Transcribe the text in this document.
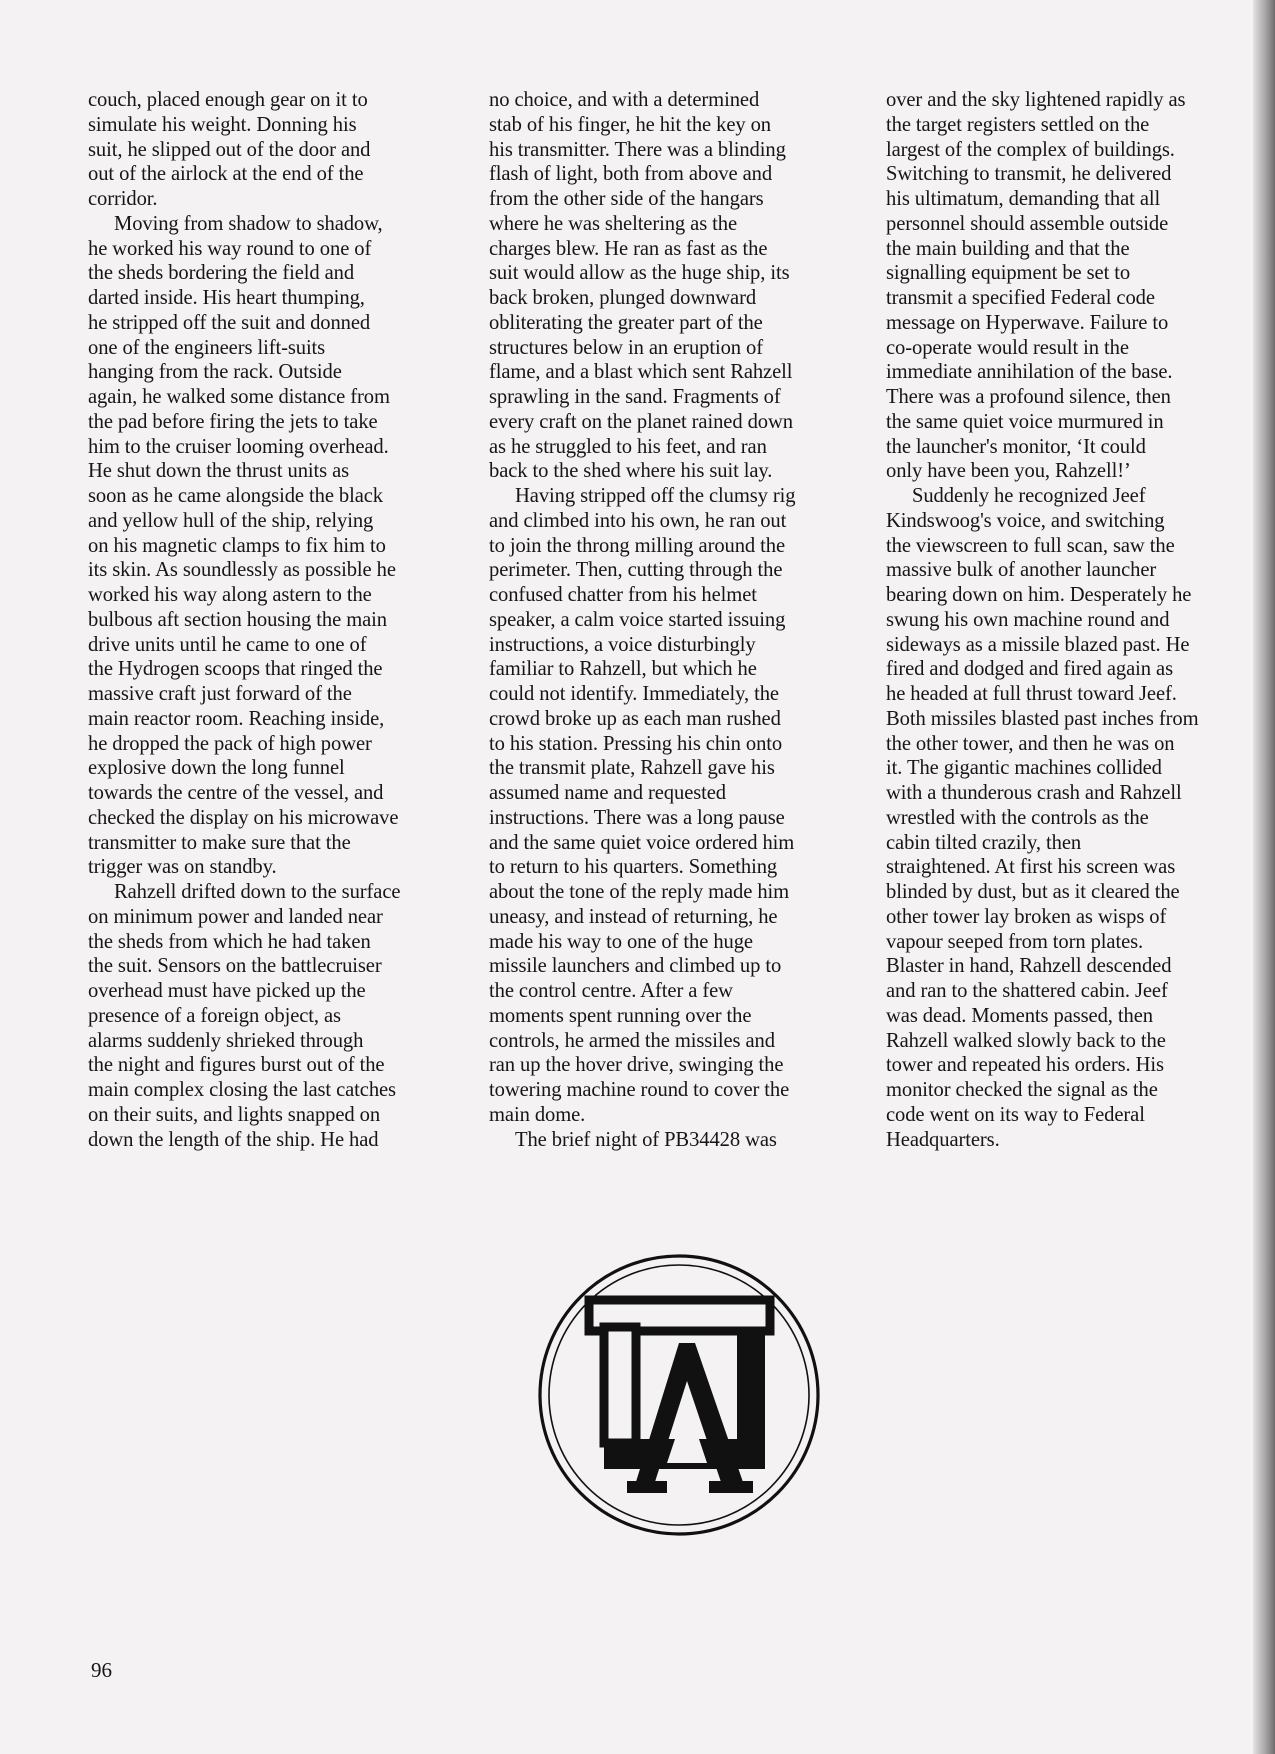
couch, placed enough gear on it to
simulate his weight. Donning his
suit, he slipped out of the door and
out of the airlock at the end of the
corridor.

Moving from shadow to shadow,
he worked his way round to one of
the sheds bordering the field and
darted inside. His heart thumping,
he stripped off the suit and donned
one of the engineers lift-suits
hanging from the rack. Outside
again, he walked some distance from
the pad before firing the jets to take
him to the cruiser looming overhead.
He shut down the thrust units as
soon as he came alongside the black
and yellow hull of the ship, relying
on his magnetic clamps to fix him to
its skin. As soundlessly as possible he
worked his way along astern to the
bulbous aft section housing the main
drive units until he came to one of
the Hydrogen scoops that ringed the
massive craft just forward of the
main reactor room. Reaching inside,
he dropped the pack of high power
explosive down the long funnel
towards the centre of the vessel, and
checked the display on his microwave
transmitter to make sure that the
trigger was on standby.

Rahzell drifted down to the surface
on minimum power and landed near
the sheds from which he had taken
the suit. Sensors on the battlecruiser
overhead must have picked up the
presence of a foreign object, as
alarms suddenly shrieked through
the night and figures burst out of the
main complex closing the last catches
on their suits, and lights snapped on
down the length of the ship. He had

no choice, and with a determined
stab of his finger, he hit the key on
his transmitter. There was a blinding
flash of light, both from above and
from the other side of the hangars
where he was sheltering as the
charges blew. He ran as fast as the
suit would allow as the huge ship, its
back broken, plunged downward
obliterating the greater part of the
structures below in an eruption of
flame, and a blast which sent Rahzell
sprawling in the sand. Fragments of
every craft on the planet rained down
as he struggled to his feet, and ran
back to the shed where his suit lay.

Having stripped off the clumsy rig
and climbed into his own, he ran out
to join the throng milling around the
perimeter. Then, cutting through the
confused chatter from his helmet
speaker, a calm voice started issuing
instructions, a voice disturbingly
familiar to Rahzell, but which he
could not identify. Immediately, the
crowd broke up as each man rushed
to his station. Pressing his chin onto
the transmit plate, Rahzell gave his
assumed name and requested
instructions. There was a long pause
and the same quiet voice ordered him
to return to his quarters. Something
about the tone of the reply made him
uneasy, and instead of returning, he
made his way to one of the huge
missile launchers and climbed up to
the control centre. After a few
moments spent running over the
controls, he armed the missiles and
ran up the hover drive, swinging the
towering machine round to cover the
main dome.

The brief night of PB34428 was

over and the sky lightened rapidly as
the target registers settled on the
largest of the complex of buildings.
Switching to transmit, he delivered
his ultimatum, demanding that all
personnel should assemble outside
the main building and that the
signalling equipment be set to
transmit a specified Federal code
message on Hyperwave. Failure to
co-operate would result in the
immediate annihilation of the base.
There was a profound silence, then
the same quiet voice murmured in
the launcher's monitor, ‘It could
only have been you, Rahzell!’

Suddenly he recognized Jeef
Kindswoog's voice, and switching
the viewscreen to full scan, saw the
massive bulk of another launcher
bearing down on him. Desperately he
swung his own machine round and
sideways as a missile blazed past. He
fired and dodged and fired again as
he headed at full thrust toward Jeef.
Both missiles blasted past inches from
the other tower, and then he was on
it. The gigantic machines collided
with a thunderous crash and Rahzell
wrestled with the controls as the
cabin tilted crazily, then
straightened. At first his screen was
blinded by dust, but as it cleared the
other tower lay broken as wisps of
vapour seeped from torn plates.
Blaster in hand, Rahzell descended
and ran to the shattered cabin. Jeef
was dead. Moments passed, then
Rahzell walked slowly back to the
tower and repeated his orders. His
monitor checked the signal as the
code went on its way to Federal
Headquarters.

96
